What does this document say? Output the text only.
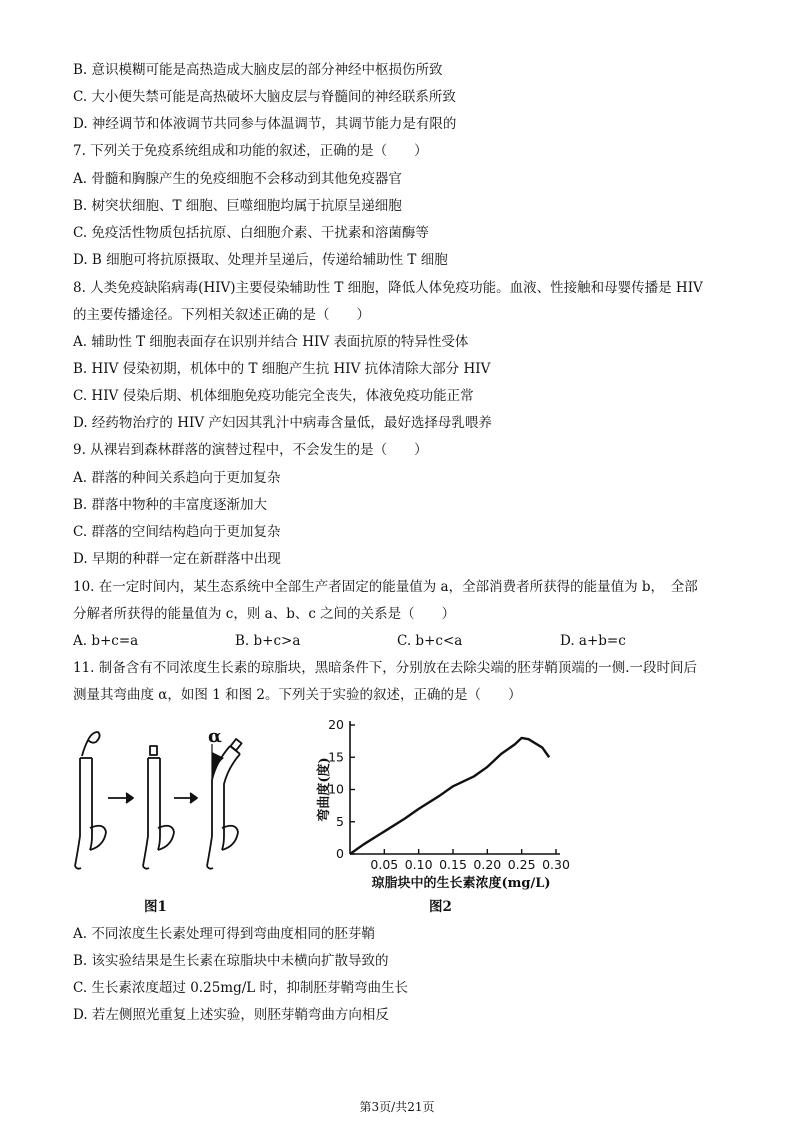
B. 意识模糊可能是高热造成大脑皮层的部分神经中枢损伤所致
C. 大小便失禁可能是高热破坏大脑皮层与脊髓间的神经联系所致
D. 神经调节和体液调节共同参与体温调节，其调节能力是有限的
7. 下列关于免疫系统组成和功能的叙述，正确的是（　　）
A. 骨髓和胸腺产生的免疫细胞不会移动到其他免疫器官
B. 树突状细胞、T 细胞、巨噬细胞均属于抗原呈递细胞
C. 免疫活性物质包括抗原、白细胞介素、干扰素和溶菌酶等
D. B 细胞可将抗原摄取、处理并呈递后，传递给辅助性 T 细胞
8. 人类免疫缺陷病毒(HIV)主要侵染辅助性 T 细胞，降低人体免疫功能。血液、性接触和母婴传播是 HIV
的主要传播途径。下列相关叙述正确的是（　　）
A. 辅助性 T 细胞表面存在识别并结合 HIV 表面抗原的特异性受体
B. HIV 侵染初期，机体中的 T 细胞产生抗 HIV 抗体清除大部分 HIV
C. HIV 侵染后期、机体细胞免疫功能完全丧失，体液免疫功能正常
D. 经药物治疗的 HIV 产妇因其乳汁中病毒含量低，最好选择母乳喂养
9. 从裸岩到森林群落的演替过程中，不会发生的是（　　）
A. 群落的种间关系趋向于更加复杂
B. 群落中物种的丰富度逐渐加大
C. 群落的空间结构趋向于更加复杂
D. 早期的种群一定在新群落中出现
10. 在一定时间内，某生态系统中全部生产者固定的能量值为 a，全部消费者所获得的能量值为 b，　全部
分解者所获得的能量值为 c，则 a、b、c 之间的关系是（　　）
A. b+c=a	B. b+c>a	C. b+c<a	D. a+b=c
11. 制备含有不同浓度生长素的琼脂块，黑暗条件下，分别放在去除尖端的胚芽鞘顶端的一侧.一段时间后
测量其弯曲度 α，如图 1 和图 2。下列关于实验的叙述，正确的是（　　）
α
图1
0
5
10
15
20
0.05 0.10 0.15 0.20 0.25 0.30
琼脂块中的生长素浓度(mg/L)
弯曲度(度)
图2
A. 不同浓度生长素处理可得到弯曲度相同的胚芽鞘
B. 该实验结果是生长素在琼脂块中未横向扩散导致的
C. 生长素浓度超过 0.25mg/L 时，抑制胚芽鞘弯曲生长
D. 若左侧照光重复上述实验，则胚芽鞘弯曲方向相反
第3页/共21页
